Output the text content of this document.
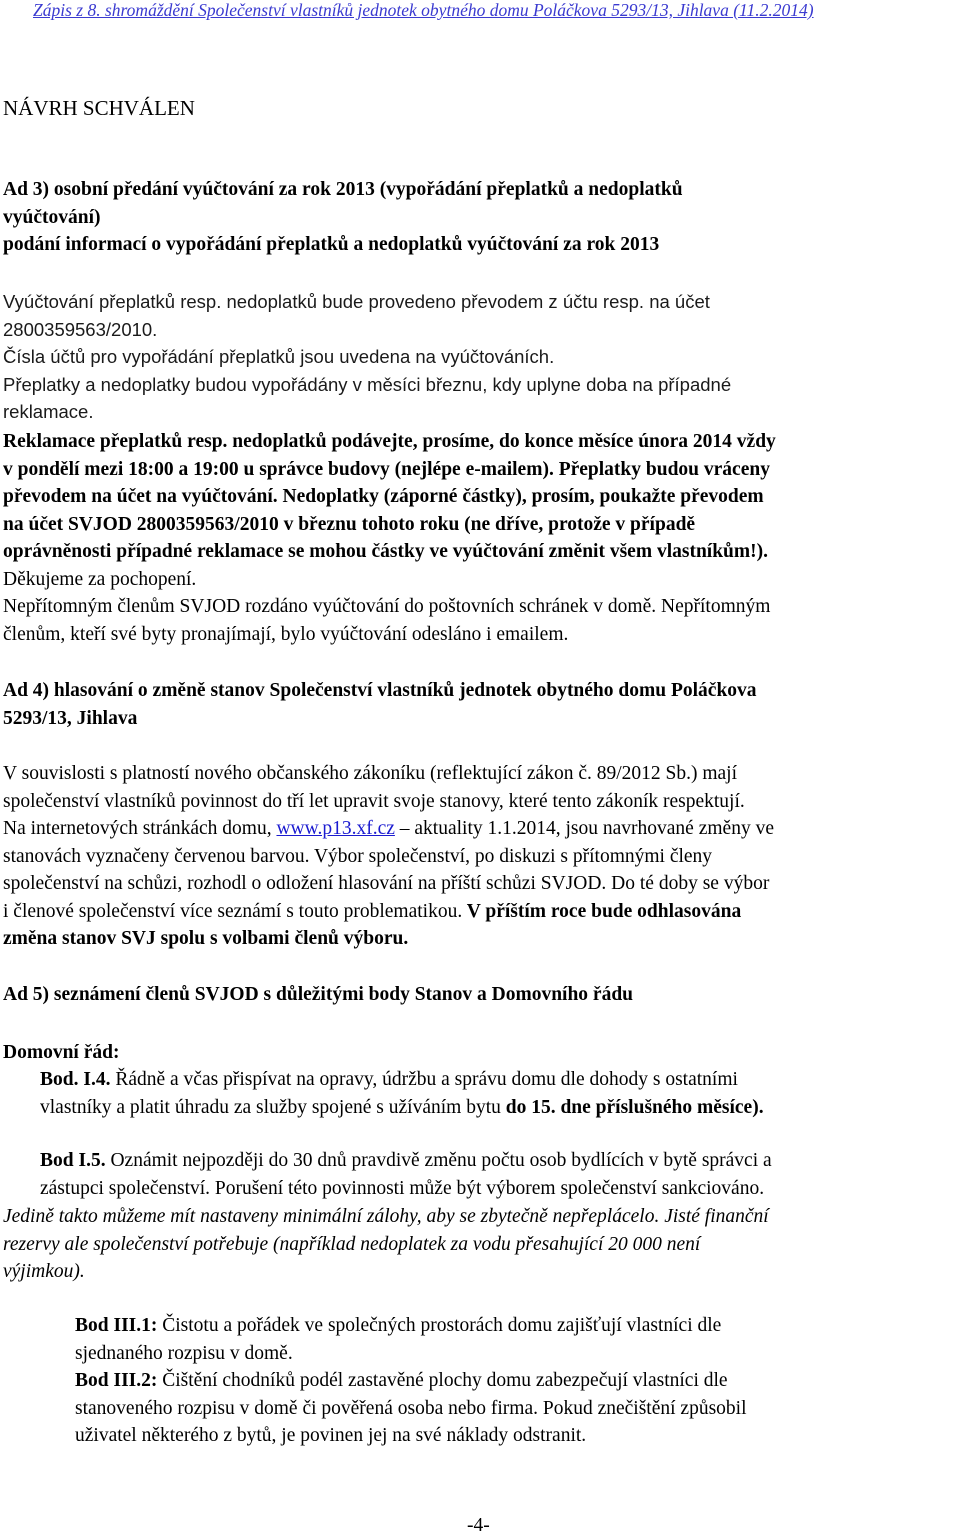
Zápis z 8. shromáždění Společenství vlastníků jednotek obytného domu Poláčkova 5293/13, Jihlava (11.2.2014)
NÁVRH SCHVÁLEN
Ad 3) osobní předání vyúčtování za rok 2013 (vypořádání přeplatků a nedoplatků
vyúčtování)
podání informací o vypořádání přeplatků a nedoplatků vyúčtování za rok 2013
Vyúčtování přeplatků resp. nedoplatků bude provedeno převodem z účtu resp. na účet
2800359563/2010.
Čísla účtů pro vypořádání přeplatků jsou uvedena na vyúčtováních.
Přeplatky a nedoplatky budou vypořádány v měsíci březnu, kdy uplyne doba na případné
reklamace.
Reklamace přeplatků resp. nedoplatků podávejte, prosíme, do konce měsíce února 2014 vždy
v pondělí mezi 18:00 a 19:00 u správce budovy (nejlépe e-mailem). Přeplatky budou vráceny
převodem na účet na vyúčtování. Nedoplatky (záporné částky), prosím, poukažte převodem
na účet SVJOD 2800359563/2010 v březnu tohoto roku (ne dříve, protože v případě
oprávněnosti případné reklamace se mohou částky ve vyúčtování změnit všem vlastníkům!).
Děkujeme za pochopení.
Nepřítomným členům SVJOD rozdáno vyúčtování do poštovních schránek v domě. Nepřítomným
členům, kteří své byty pronajímají, bylo vyúčtování odesláno i emailem.
Ad 4) hlasování o změně stanov Společenství vlastníků jednotek obytného domu Poláčkova
5293/13, Jihlava
V souvislosti s platností nového občanského zákoníku (reflektující zákon č. 89/2012 Sb.) mají
společenství vlastníků povinnost do tří let upravit svoje stanovy, které tento zákoník respektují.
Na internetových stránkách domu, www.p13.xf.cz – aktuality 1.1.2014, jsou navrhované změny ve
stanovách vyznačeny červenou barvou. Výbor společenství, po diskuzi s přítomnými členy
společenství na schůzi, rozhodl o odložení hlasování na příští schůzi SVJOD. Do té doby se výbor
i členové společenství více seznámí s touto problematikou. V příštím roce bude odhlasována
změna stanov SVJ spolu s volbami členů výboru.
Ad 5) seznámení členů SVJOD s důležitými body Stanov a Domovního řádu
Domovní řád:
Bod. I.4. Řádně a včas přispívat na opravy, údržbu a správu domu dle dohody s ostatními
vlastníky a platit úhradu za služby spojené s užíváním bytu do 15. dne příslušného měsíce).
Bod I.5. Oznámit nejpozději do 30 dnů pravdivě změnu počtu osob bydlících v bytě správci a
zástupci společenství. Porušení této povinnosti může být výborem společenství sankciováno.
Jedině takto můžeme mít nastaveny minimální zálohy, aby se zbytečně nepřeplácelo. Jisté finanční
rezervy ale společenství potřebuje (například nedoplatek za vodu přesahující 20 000 není
výjimkou).
Bod III.1: Čistotu a pořádek ve společných prostorách domu zajišťují vlastníci dle
sjednaného rozpisu v domě.
Bod III.2: Čištění chodníků podél zastavěné plochy domu zabezpečují vlastníci dle
stanoveného rozpisu v domě či pověřená osoba nebo firma. Pokud znečištění způsobil
uživatel některého z bytů, je povinen jej na své náklady odstranit.
-4-
